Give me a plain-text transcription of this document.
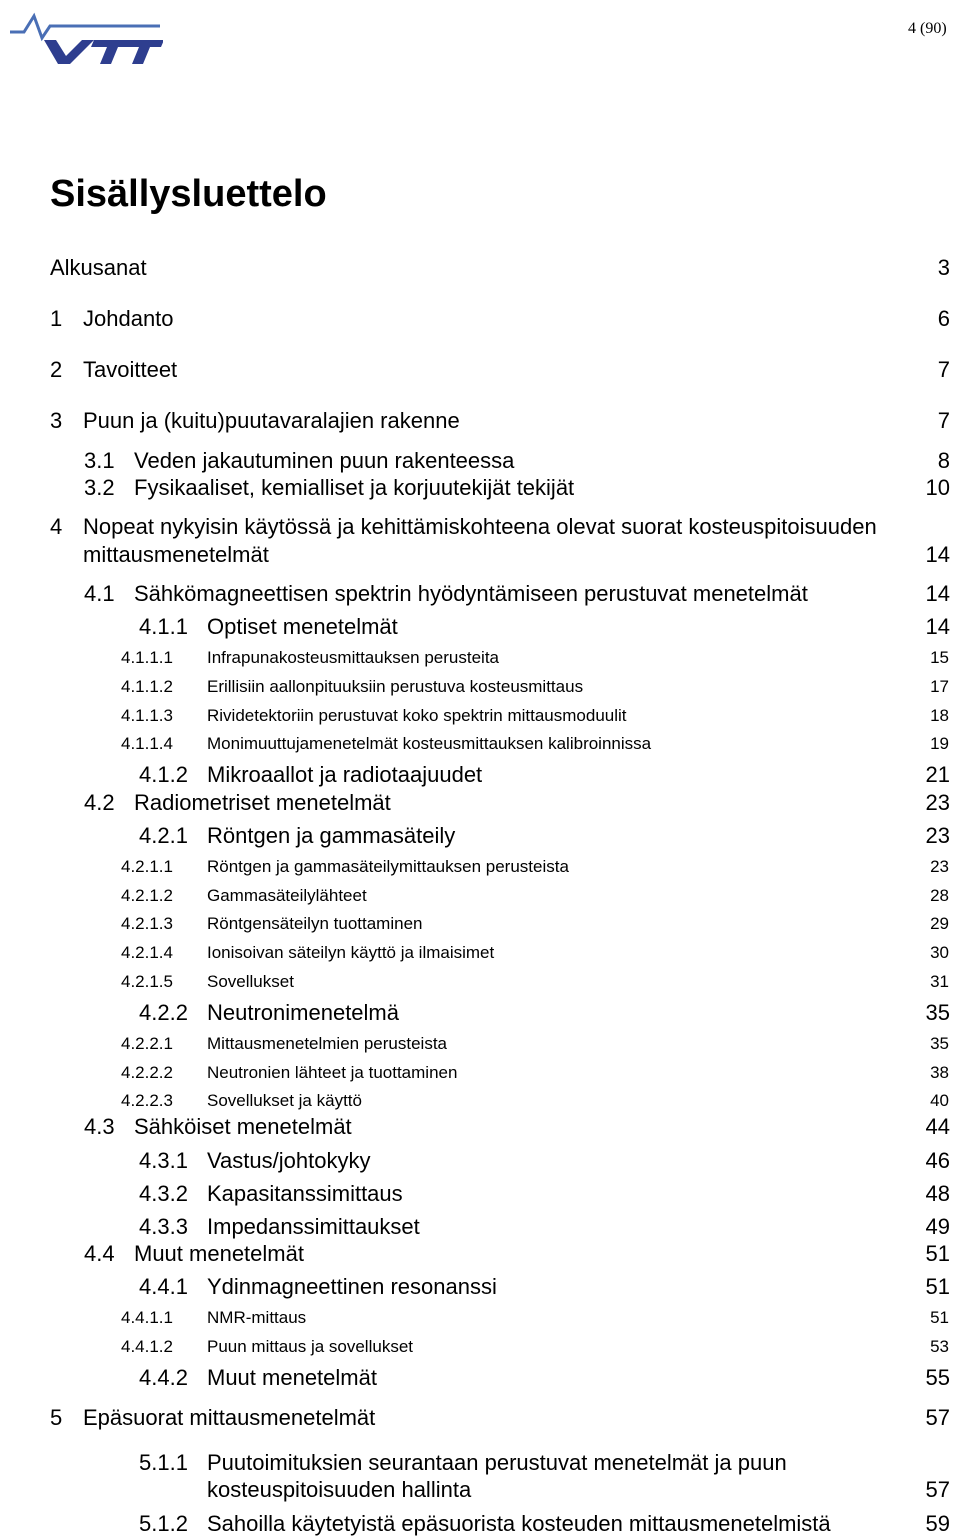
4 (90)
Sisällysluettelo
Alkusanat	3
1 Johdanto	6
2 Tavoitteet	7
3 Puun ja (kuitu)puutavaralajien rakenne	7
3.1 Veden jakautuminen puun rakenteessa	8
3.2 Fysikaaliset, kemialliset ja korjuutekijät tekijät	10
4 Nopeat nykyisin käytössä ja kehittämiskohteena olevat suorat kosteuspitoisuuden
mittausmenetelmät	14
4.1 Sähkömagneettisen spektrin hyödyntämiseen perustuvat menetelmät	14
4.1.1 Optiset menetelmät	14
4.1.1.1 Infrapunakosteusmittauksen perusteita	15
4.1.1.2 Erillisiin aallonpituuksiin perustuva kosteusmittaus	17
4.1.1.3 Rividetektoriin perustuvat koko spektrin mittausmoduulit	18
4.1.1.4 Monimuuttujamenetelmät kosteusmittauksen kalibroinnissa	19
4.1.2 Mikroaallot ja radiotaajuudet	21
4.2 Radiometriset menetelmät	23
4.2.1 Röntgen ja gammasäteily	23
4.2.1.1 Röntgen ja gammasäteilymittauksen perusteista	23
4.2.1.2 Gammasäteilylähteet	28
4.2.1.3 Röntgensäteilyn tuottaminen	29
4.2.1.4 Ionisoivan säteilyn käyttö ja ilmaisimet	30
4.2.1.5 Sovellukset	31
4.2.2 Neutronimenetelmä	35
4.2.2.1 Mittausmenetelmien perusteista	35
4.2.2.2 Neutronien lähteet ja tuottaminen	38
4.2.2.3 Sovellukset ja käyttö	40
4.3 Sähköiset menetelmät	44
4.3.1 Vastus/johtokyky	46
4.3.2 Kapasitanssimittaus	48
4.3.3 Impedanssimittaukset	49
4.4 Muut menetelmät	51
4.4.1 Ydinmagneettinen resonanssi	51
4.4.1.1 NMR-mittaus	51
4.4.1.2 Puun mittaus ja sovellukset	53
4.4.2 Muut menetelmät	55
5 Epäsuorat mittausmenetelmät	57
5.1.1 Puutoimituksien seurantaan perustuvat menetelmät ja puun
kosteuspitoisuuden hallinta	57
5.1.2 Sahoilla käytetyistä epäsuorista kosteuden mittausmenetelmistä	59
